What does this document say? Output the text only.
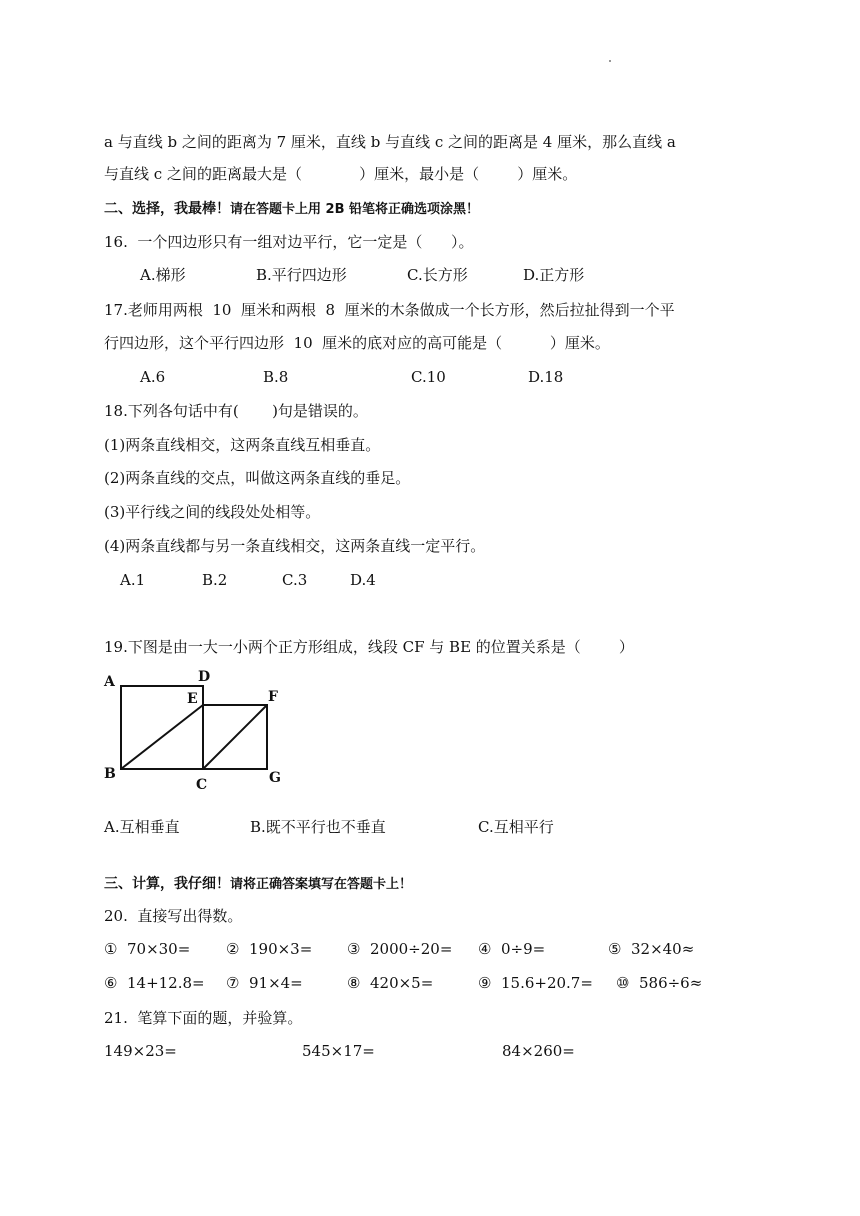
a 与直线 b 之间的距离为 7 厘米，直线 b 与直线 c 之间的距离是 4 厘米，那么直线 a
与直线 c 之间的距离最大是（            ）厘米，最小是（        ）厘米。
二、选择，我最棒！请在答题卡上用 2B 铅笔将正确选项涂黑！
16.  一个四边形只有一组对边平行，它一定是（      ）。
A.梯形	B.平行四边形	C.长方形	D.正方形
17.老师用两根  10  厘米和两根  8  厘米的木条做成一个长方形，然后拉扯得到一个平
行四边形，这个平行四边形  10  厘米的底对应的高可能是（          ）厘米。
A.6	B.8	C.10	D.18
18.下列各句话中有(       )句是错误的。
(1)两条直线相交，这两条直线互相垂直。
(2)两条直线的交点，叫做这两条直线的垂足。
(3)平行线之间的线段处处相等。
(4)两条直线都与另一条直线相交，这两条直线一定平行。
A.1	B.2	C.3	D.4
19.下图是由一大一小两个正方形组成，线段 CF 与 BE 的位置关系是（        ）
A
B
C
D
E	F
G
A.互相垂直	B.既不平行也不垂直	C.互相平行
三、计算，我仔细！请将正确答案填写在答题卡上！
20.  直接写出得数。
①  70×30= ②  190×3= ③  2000÷20= ④  0÷9=	⑤  32×40≈
⑥  14+12.8= ⑦  91×4=	⑧  420×5=	⑨  15.6+20.7= ⑩  586÷6≈
21.  笔算下面的题，并验算。
149×23=	545×17=	84×260=
